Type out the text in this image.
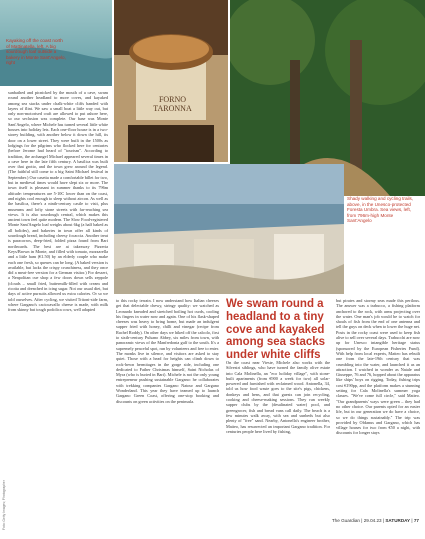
Kayaking off the coast north of Mattinatella, left. A big sourdough loaf outside a bakery in Monte Sant'Angelo, right
FORNO
TARONNA
Shady walking and cycling trails, above, in the Unesco-protected Foresta Umbra. Sea views, left, from 796m-high Monte Sant'Angelo

sunbathed and picnicked by the mouth of a cave, swam round another headland to more coves, and kayaked among sea stacks under chalk-white cliffs banded with layers of flint. We saw a small boat a little way out, but only non-motorised craft are allowed to put ashore here, so our seclusion was complete. Our base was Monte Sant'Angelo, where Michele has turned several little white houses into holiday lets. Each one-floor house is in a two-storey building, with another below it down the hill, its door on a lower street. They were built in the 1500s as lodgings for the pilgrims who flocked here for centuries (before Jerome had heard of "tourism". According to tradition, the archangel Michael appeared several times in a cave here in the late fifth century. A basilica was built over that grotto, and the town grew around the legend. (The faithful still come to a big Saint Michael festival in September.) Our casetta made a comfortable billet for two, but in medieval times would have slept six or more. The town itself is pleasant in summer thanks to its 796m altitude: temperatures are 5-10C lower than on the coast, and nights cool enough to sleep without aircon. As well as the basilica, there's a ninth-century castle to visit, plus museums and lofty stone streets with far-reaching sea views. It is also sourdough central, which makes this ancient town feel quite modern. The Slow Food-registered Monte Sant'Angelo loaf weighs about 6kg (a half baked as all bolides), and bakeries in town offer all kinds of sourdough bread, including cheesy focaccia. Another treat is paracorros, deep-fried, folded pizza found from Bari northwards. The best are at takeaway Pizzeria Keys/Brown in Monte, and filled with tomato, mozzarella and a little ham (€1.50) by an elderly couple who make each one fresh, so queues can be long. (A baked version is available, but lacks the crispy crunchiness, and they once did a meat-free version for a German visitor.) For dessert, a Neapolitan cue shop a few doors down sells zeppole (clouds – small fried, buttermilk-filled with cream and ricotta and drenched in icing sugar. Not our usual diet, but days of active pursuits allowed us extra calories. Or so we told ourselves. After cycling, we visited Tritoni-side farm, where Gargano's caciocavallo cheese is made, with milk from skinny but tough podolica cows, well adapted

to this rocky terrain. I now understand how Italian cheeses get that delectable chewy, stringy quality: we watched as Leonardo kneaded and stretched boiling hot curds, cooling his fingers in water now and again. One of his flask-shaped cheeses was heavy to bring home, but made an indulgent supper fried with honey, chilli and vinegar (recipe from Rachel Roddy). On other days we hiked off the calcolo, first to sixth-century Pulsano Abbey, six miles from town, with panoramic views of the Manfredonia gulf to the south. It's a supremely peaceful spot, run by volunteers and free to enter. The monks live in silence, and visitors are asked to stay quiet. Those with a head for heights can climb down to rock-hewn hermitages in the gorge side, including one dedicated to Father Christmas himself, Saint Nicholas of Myra (who is buried in Bari). Michele is not the only young entrepreneur pushing sustainable Gargano: he collaborates with trekking companies Gargano Natour and Gargano Wonderland. This year they have teamed up to launch Gargano Green Coast, offering one-stop booking and discounts on green activities on the peninsula.

We swam round a headland to a tiny cove and kayaked among sea stacks under white cliffs

On the coast near Vieste, Michele also works with the Silvestri siblings, who have turned the family olive estate into Cala Molinella, an "eco holiday village", with stone-built apartments (from €900 a week for two) all solar-powered and furnished with reclaimed wood. Antonella, 34, told us how food waste goes to the site's pigs, chickens, donkeys and hens, and that guests can join recycling, cooking and cheese-making sessions. They run weekly supper clubs by the (desalinated water) pool, and greengrocer, fish and bread vans call daily. The beach is a few minutes walk away, with sea and sunbeds but also plenty of "free" sand. Nearby, Antonella's engineer brother, Matteo, has resurrected an important Gargano tradition. For centuries people here lived by fishing,

but pirates and stormy seas made this perilous. The answer was a trabucco, a fishing platform anchored to the rock, with arms projecting over the water. One man's job would be to watch for shoals of fish from the end of one antenna and tell the guys on deck when to lower the huge net. Posts in the rocky coast were used to keep fish alive to sell over several days. Trabucchi are now up for Unesco intangible heritage status (sponsored by the European Fisheries Fund). With help from local experts, Matteo has rebuilt one from the late-19th century that was crumbling into the water, and launched it as an attraction. I watched in wonder as Natale and Giuseppe, 76 and 76, hopped about the apparatus like ships' boys on rigging. Today, fishing trips cost €190pp, and the platform makes a stunning setting for Cala Molinella's summer yoga classes. "We've come full circle," said Matteo. "Our grandparents' ways were green – they had no other choice. Our parents opted for an easier life, but in our generation we do have a choice, so we do things sustainably." The trip was provided by Ofdanus and Gargano, which has village houses for two from €50 a night, with discounts for longer stays

Foto: Getty Images; Photographer	The Guardian | 29.04.23 | SATURDAY | 77
